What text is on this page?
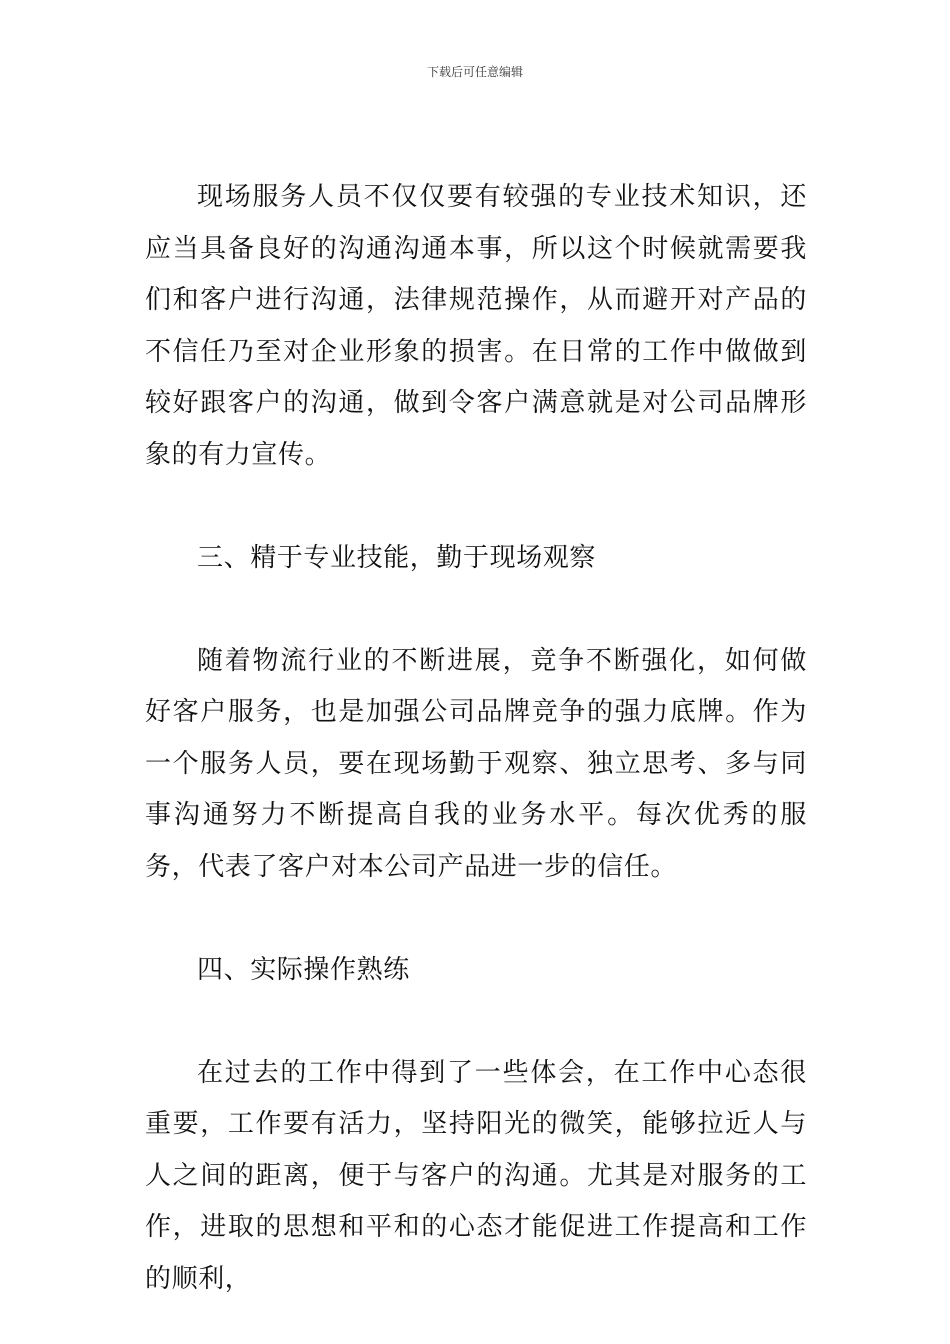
下载后可任意编辑

现场服务人员不仅仅要有较强的专业技术知识，还应当具备良好的沟通沟通本事，所以这个时候就需要我们和客户进行沟通，法律规范操作，从而避开对产品的不信任乃至对企业形象的损害。在日常的工作中做做到较好跟客户的沟通，做到令客户满意就是对公司品牌形象的有力宣传。

三、精于专业技能，勤于现场观察

随着物流行业的不断进展，竞争不断强化，如何做好客户服务，也是加强公司品牌竞争的强力底牌。作为一个服务人员，要在现场勤于观察、独立思考、多与同事沟通努力不断提高自我的业务水平。每次优秀的服务，代表了客户对本公司产品进一步的信任。

四、实际操作熟练

在过去的工作中得到了一些体会，在工作中心态很重要，工作要有活力，坚持阳光的微笑，能够拉近人与人之间的距离，便于与客户的沟通。尤其是对服务的工作，进取的思想和平和的心态才能促进工作提高和工作的顺利，
